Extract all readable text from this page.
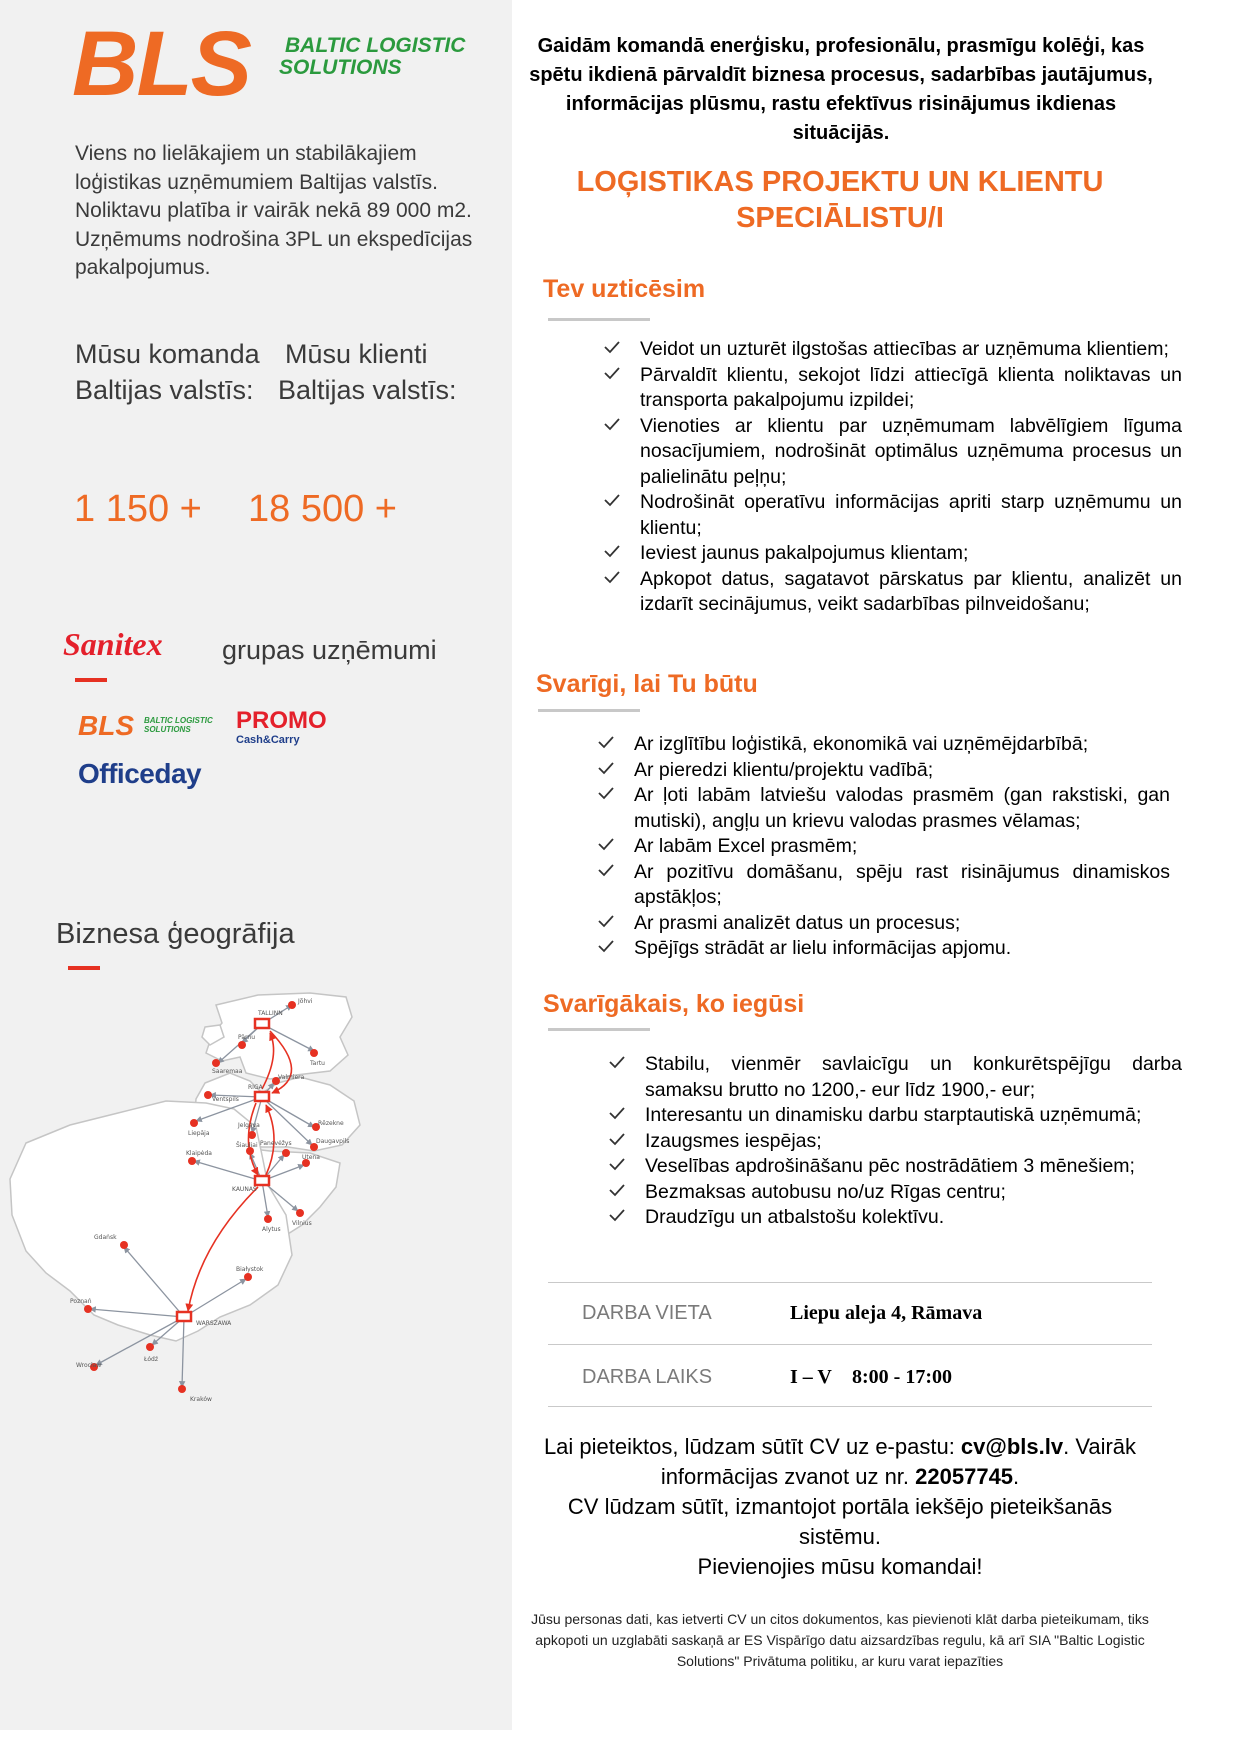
BLS BALTIC LOGISTIC
SOLUTIONS
Viens no lielākajiem un stabilākajiem loģistikas uzņēmumiem Baltijas valstīs. Noliktavu platība ir vairāk nekā 89 000 m2. Uzņēmums nodrošina 3PL un ekspedīcijas pakalpojumus.
Mūsu komanda
Baltijas valstīs:
Mūsu klienti
Baltijas valstīs:
1 150 + 18 500 +
Sanitex grupas uzņēmumi
BLS BALTIC LOGISTIC
SOLUTIONS PROMO
Cash&Carry
Officeday
Biznesa ģeogrāfija
TALLINN
Jõhvi
Pärnu
Tartu
Saaremaa
RIGA
Valmiera
Ventspils
Liepāja
Rēzekne
Daugavpils
Jelgava
Šiauliai Panevėžys
Utena
Klaipėda
KAUNAS
Vilnius
Alytus
Gdańsk
Białystok
Poznań
WARSZAWA
Łódź
Wrocław
Kraków
Gaidām komandā enerģisku, profesionālu, prasmīgu kolēģi, kas spētu ikdienā pārvaldīt biznesa procesus, sadarbības jautājumus, informācijas plūsmu, rastu efektīvus risinājumus ikdienas situācijās.
LOĢISTIKAS PROJEKTU UN KLIENTU
SPECIĀLISTU/I
Tev uzticēsim
Veidot un uzturēt ilgstošas attiecības ar uzņēmuma klientiem;
Pārvaldīt klientu, sekojot līdzi attiecīgā klienta noliktavas un transporta pakalpojumu izpildei;
Vienoties ar klientu par uzņēmumam labvēlīgiem līguma nosacījumiem, nodrošināt optimālus uzņēmuma procesus un palielinātu peļņu;
Nodrošināt operatīvu informācijas apriti starp uzņēmumu un klientu;
Ieviest jaunus pakalpojumus klientam;
Apkopot datus, sagatavot pārskatus par klientu, analizēt un izdarīt secinājumus, veikt sadarbības pilnveidošanu;
Svarīgi, lai Tu būtu
Ar izglītību loģistikā, ekonomikā vai uzņēmējdarbībā;
Ar pieredzi klientu/projektu vadībā;
Ar ļoti labām latviešu valodas prasmēm (gan rakstiski, gan mutiski), angļu un krievu valodas prasmes vēlamas;
Ar labām Excel prasmēm;
Ar pozitīvu domāšanu, spēju rast risinājumus dinamiskos apstākļos;
Ar prasmi analizēt datus un procesus;
Spējīgs strādāt ar lielu informācijas apjomu.
Svarīgākais, ko iegūsi
Stabilu, vienmēr savlaicīgu un konkurētspējīgu darba samaksu brutto no 1200,- eur līdz 1900,- eur;
Interesantu un dinamisku darbu starptautiskā uzņēmumā;
Izaugsmes iespējas;
Veselības apdrošināšanu pēc nostrādātiem 3 mēnešiem;
Bezmaksas autobusu no/uz Rīgas centru;
Draudzīgu un atbalstošu kolektīvu.
DARBA VIETA	Liepu aleja 4, Rāmava
DARBA LAIKS	I – V 8:00 - 17:00
Lai pieteiktos, lūdzam sūtīt CV uz e-pastu: cv@bls.lv. Vairāk
informācijas zvanot uz nr. 22057745.
CV lūdzam sūtīt, izmantojot portāla iekšējo pieteikšanās
sistēmu.
Pievienojies mūsu komandai!
Jūsu personas dati, kas ietverti CV un citos dokumentos, kas pievienoti klāt darba pieteikumam, tiks apkopoti un uzglabāti saskaņā ar ES Vispārīgo datu aizsardzības regulu, kā arī SIA "Baltic Logistic Solutions" Privātuma politiku, ar kuru varat iepazīties
